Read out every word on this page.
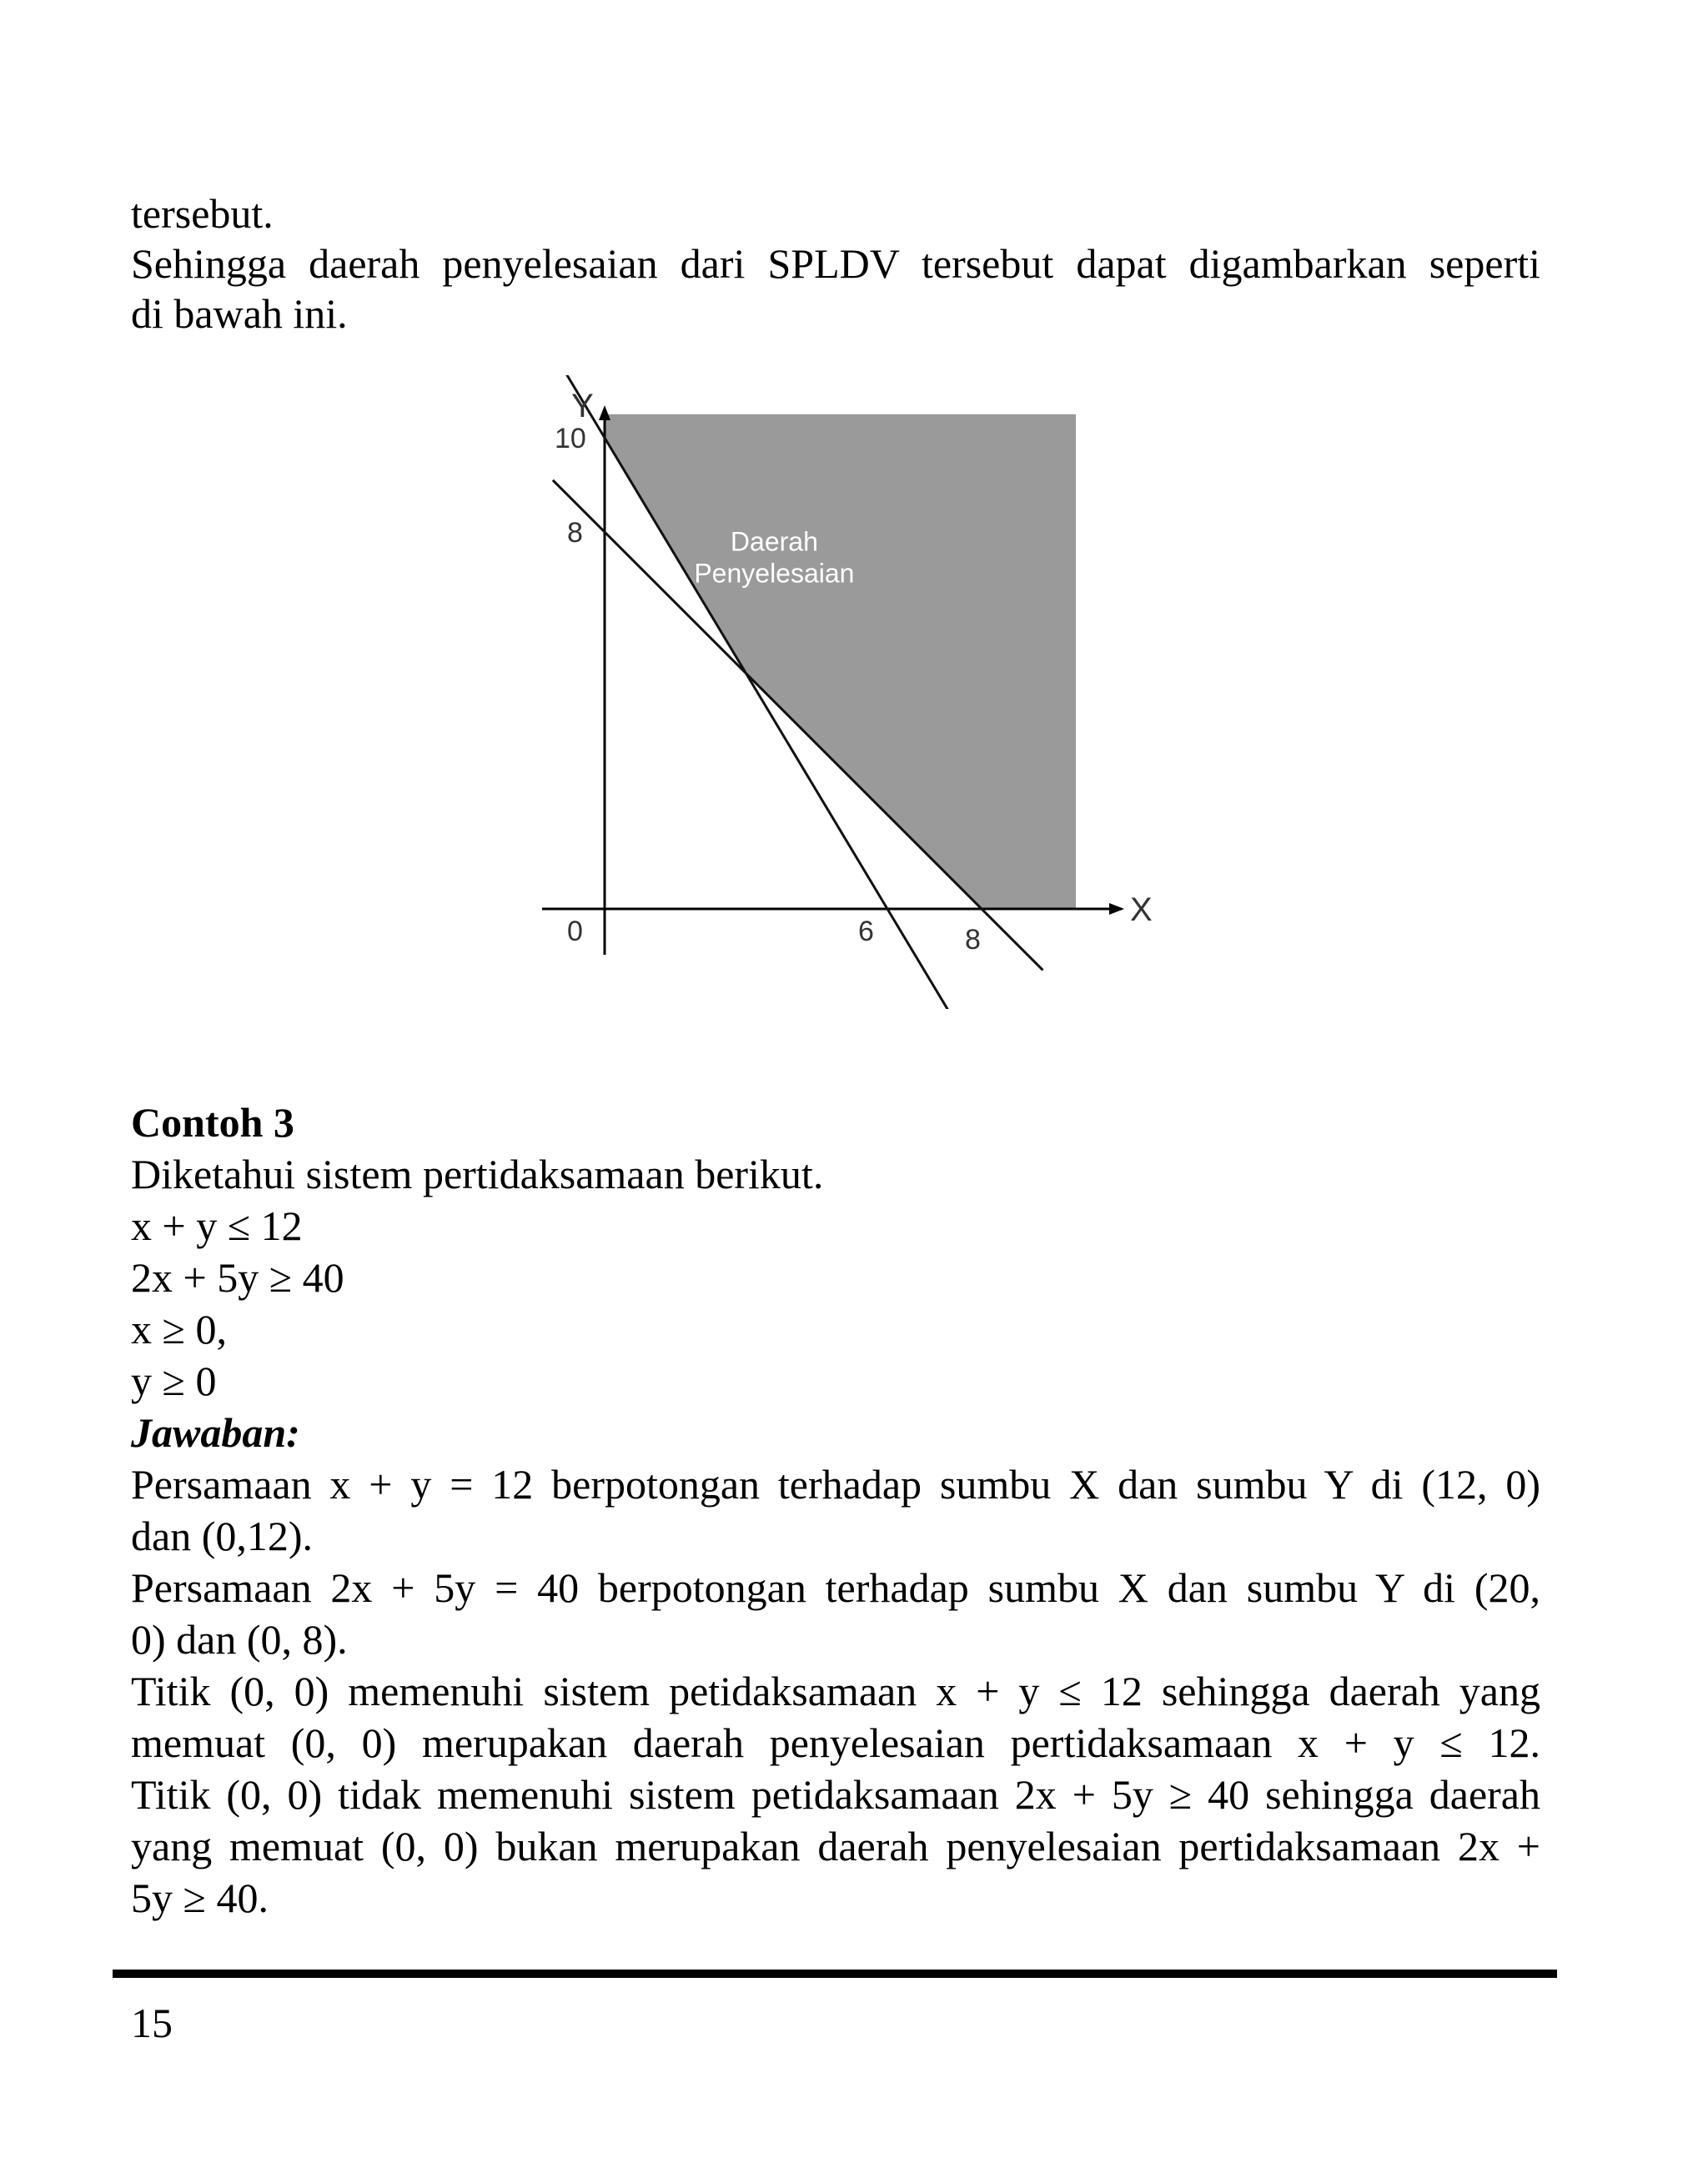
tersebut.
Sehingga daerah penyelesaian dari SPLDV tersebut dapat digambarkan seperti
di bawah ini.
X
Y
0	6	8
10
8	Daerah
Penyelesaian
Contoh 3
Diketahui sistem pertidaksamaan berikut.
x + y ≤ 12
2x + 5y ≥ 40
x ≥ 0,
y ≥ 0
Jawaban:
Persamaan x + y = 12 berpotongan terhadap sumbu X dan sumbu Y di (12, 0)
dan (0,12).
Persamaan 2x + 5y = 40 berpotongan terhadap sumbu X dan sumbu Y di (20,
0) dan (0, 8).
Titik (0, 0) memenuhi sistem petidaksamaan x + y ≤ 12 sehingga daerah yang
memuat (0, 0) merupakan daerah penyelesaian pertidaksamaan x + y ≤ 12.
Titik (0, 0) tidak memenuhi sistem petidaksamaan 2x + 5y ≥ 40 sehingga daerah
yang memuat (0, 0) bukan merupakan daerah penyelesaian pertidaksamaan 2x +
5y ≥ 40.
15
